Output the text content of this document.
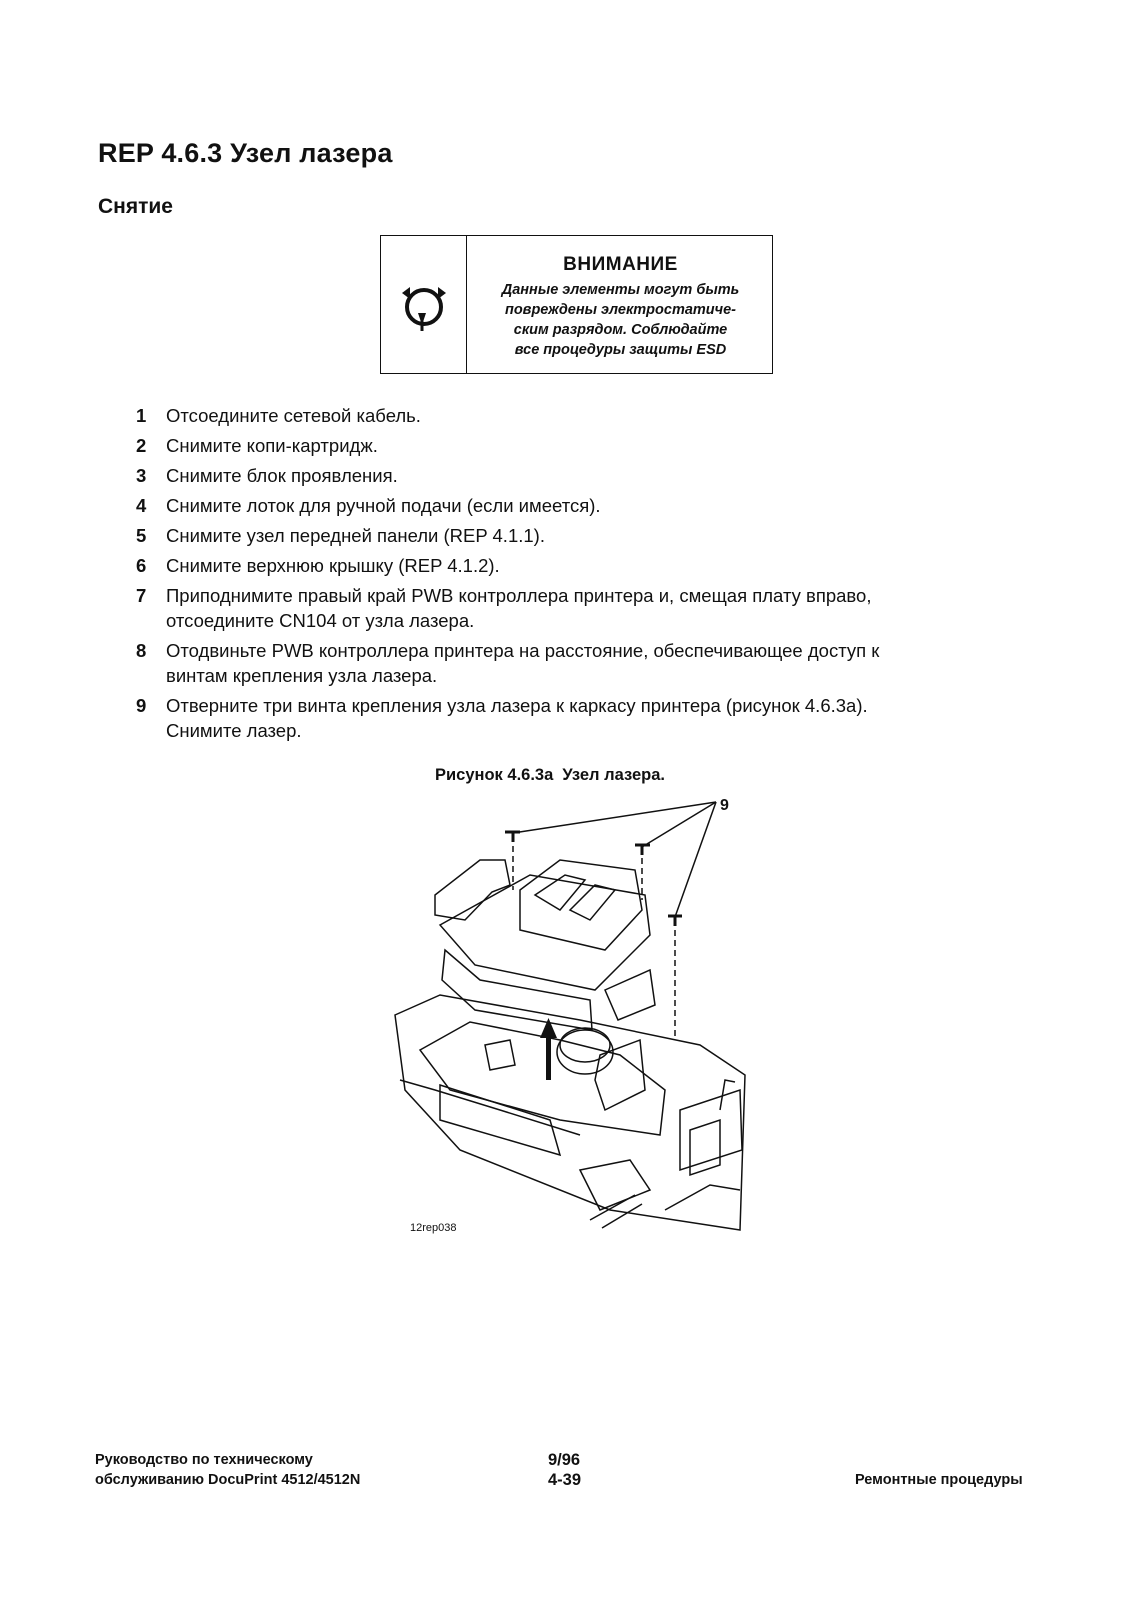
REP 4.6.3 Узел лазера
Снятие
ВНИМАНИЕ
Данные элементы могут быть
повреждены электростатиче-
ским разрядом. Соблюдайте
все процедуры защиты ESD
1	Отсоедините сетевой кабель.
2	Снимите копи-картридж.
3	Снимите блок проявления.
4	Снимите лоток для ручной подачи (если имеется).
5	Снимите узел передней панели (REP 4.1.1).
6	Снимите верхнюю крышку (REP 4.1.2).
7	Приподнимите правый край PWB контроллера принтера и, смещая плату вправо,
отсоедините CN104 от узла лазера.
8	Отодвиньте PWB контроллера принтера на расстояние, обеспечивающее доступ к
винтам крепления узла лазера.
9	Отверните три винта крепления узла лазера к каркасу принтера (рисунок 4.6.3a).
Снимите лазер.
Рисунок 4.6.3a  Узел лазера.
9
12rep038
Руководство по техническому
обслуживанию DocuPrint 4512/4512N
9/96
4-39	Ремонтные процедуры
